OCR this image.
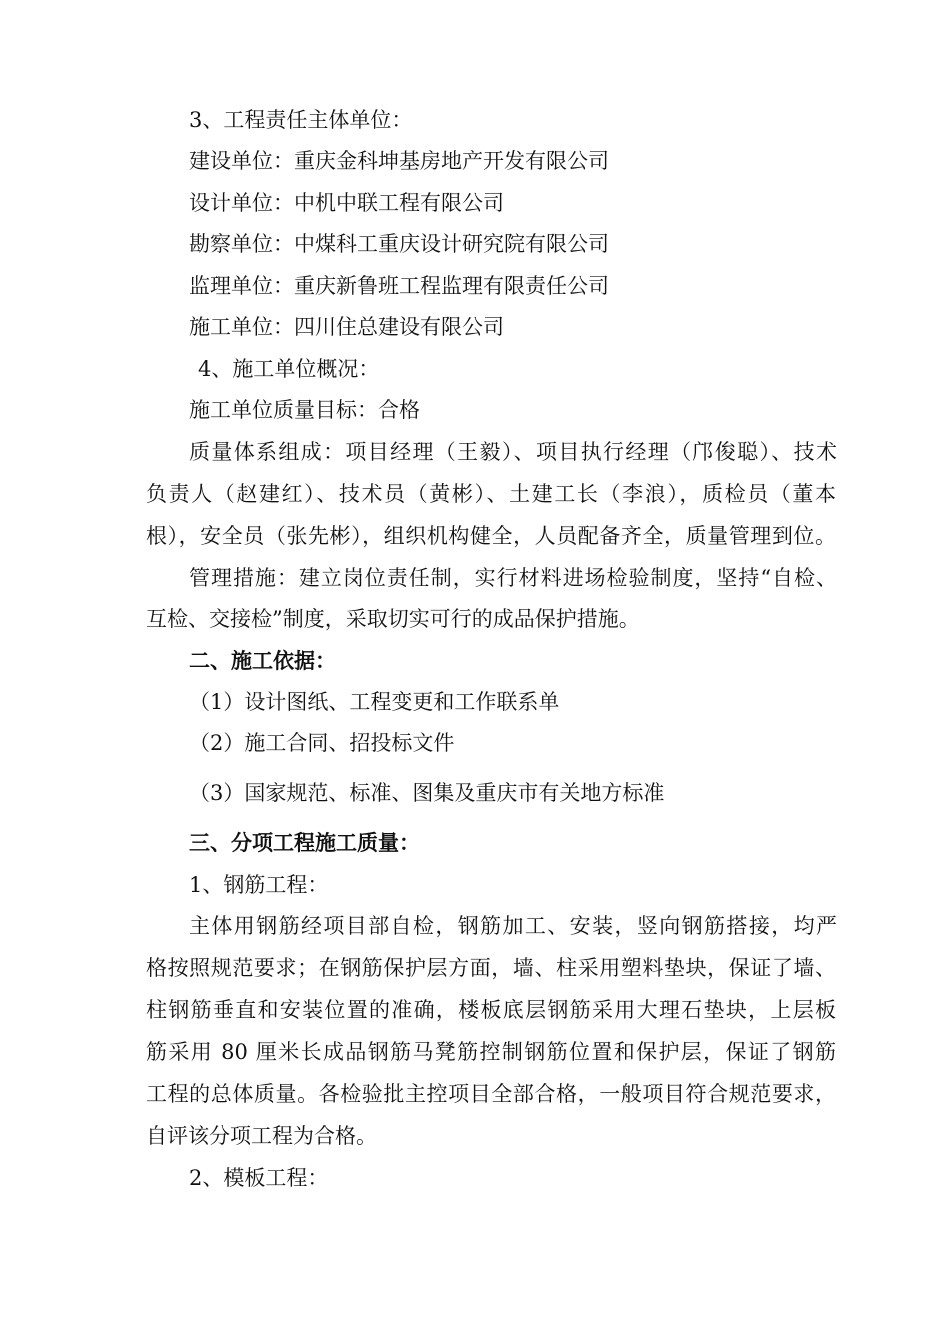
3、工程责任主体单位：

建设单位：重庆金科坤基房地产开发有限公司

设计单位：中机中联工程有限公司

勘察单位：中煤科工重庆设计研究院有限公司

监理单位：重庆新鲁班工程监理有限责任公司

施工单位：四川住总建设有限公司

4、施工单位概况：

施工单位质量目标：合格

质量体系组成：项目经理（王毅）、项目执行经理（邝俊聪）、技术

负责人（赵建红）、技术员（黄彬）、土建工长（李浪），质检员（董本

根），安全员（张先彬），组织机构健全，人员配备齐全，质量管理到位。

管理措施：建立岗位责任制，实行材料进场检验制度，坚持“自检、

互检、交接检”制度，采取切实可行的成品保护措施。

二、施工依据：

（1）设计图纸、工程变更和工作联系单

（2）施工合同、招投标文件

（3）国家规范、标准、图集及重庆市有关地方标准

三、分项工程施工质量：

1、钢筋工程：

主体用钢筋经项目部自检，钢筋加工、安装，竖向钢筋搭接，均严

格按照规范要求；在钢筋保护层方面，墙、柱采用塑料垫块，保证了墙、

柱钢筋垂直和安装位置的准确，楼板底层钢筋采用大理石垫块，上层板

筋采用 80 厘米长成品钢筋马凳筋控制钢筋位置和保护层，保证了钢筋

工程的总体质量。各检验批主控项目全部合格，一般项目符合规范要求，

自评该分项工程为合格。

2、模板工程：
